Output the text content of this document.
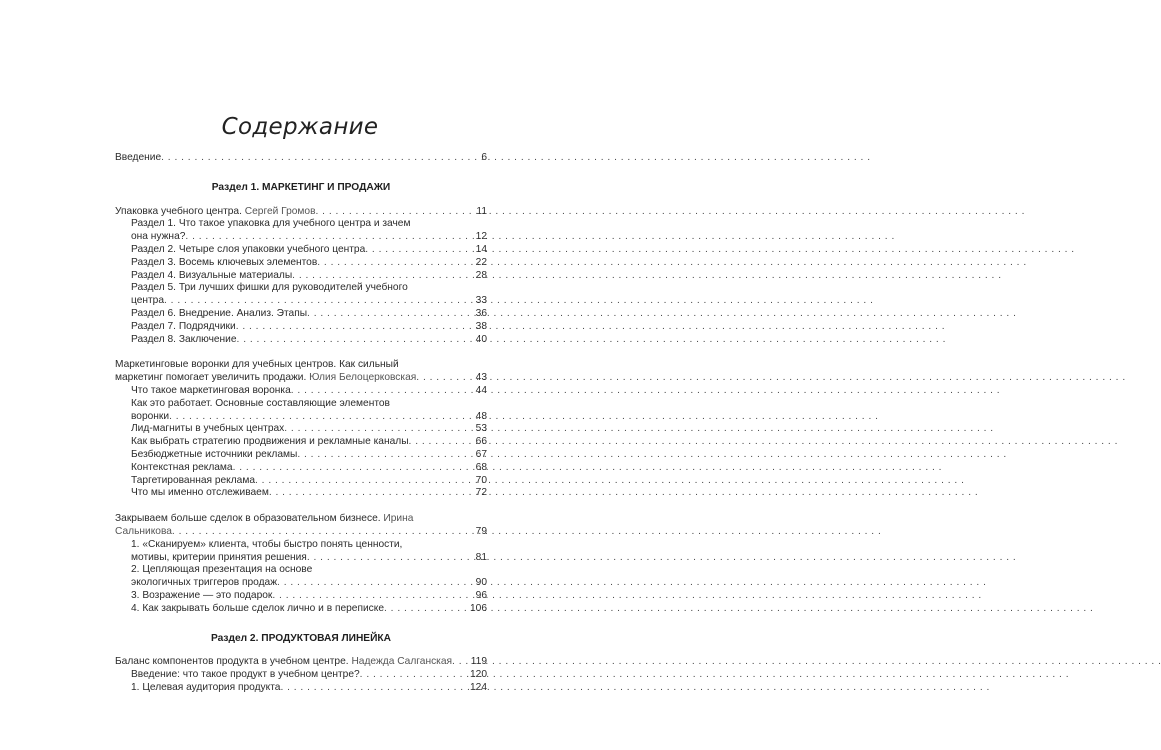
Содержание
Введение . . .	6
Раздел 1. МАРКЕТИНГ И ПРОДАЖИ
Упаковка учебного центра. Сергей Громов . . .	11
Раздел 1. Что такое упаковка для учебного центра и зачем
она нужна? . . .	12
Раздел 2. Четыре слоя упаковки учебного центра . . .	14
Раздел 3. Восемь ключевых элементов . . .	22
Раздел 4. Визуальные материалы . . .	28
Раздел 5. Три лучших фишки для руководителей учебного
центра . . .	33
Раздел 6. Внедрение. Анализ. Этапы . . .	36
Раздел 7. Подрядчики . . .	38
Раздел 8. Заключение . . .	40
Маркетинговые воронки для учебных центров. Как сильный
маркетинг помогает увеличить продажи. Юлия Белоцерковская . . .	43
Что такое маркетинговая воронка . . .	44
Как это работает. Основные составляющие элементов
воронки . . .	48
Лид-магниты в учебных центрах . . .	53
Как выбрать стратегию продвижения и рекламные каналы . . .	66
Безбюджетные источники рекламы . . .	67
Контекстная реклама . . .	68
Таргетированная реклама . . .	70
Что мы именно отслеживаем . . .	72
Закрываем больше сделок в образовательном бизнесе. Ирина
Сальникова . . .	79
1. «Сканируем» клиента, чтобы быстро понять ценности,
мотивы, критерии принятия решения . . .	81
2. Цепляющая презентация на основе
экологичных триггеров продаж . . .	90
3. Возражение — это подарок . . .	96
4. Как закрывать больше сделок лично и в переписке . . .	106
Раздел 2. ПРОДУКТОВАЯ ЛИНЕЙКА
Баланс компонентов продукта в учебном центре. Надежда Салганская . . . 119
Введение: что такое продукт в учебном центре? . . .	120
1. Целевая аудитория продукта . . .	124
